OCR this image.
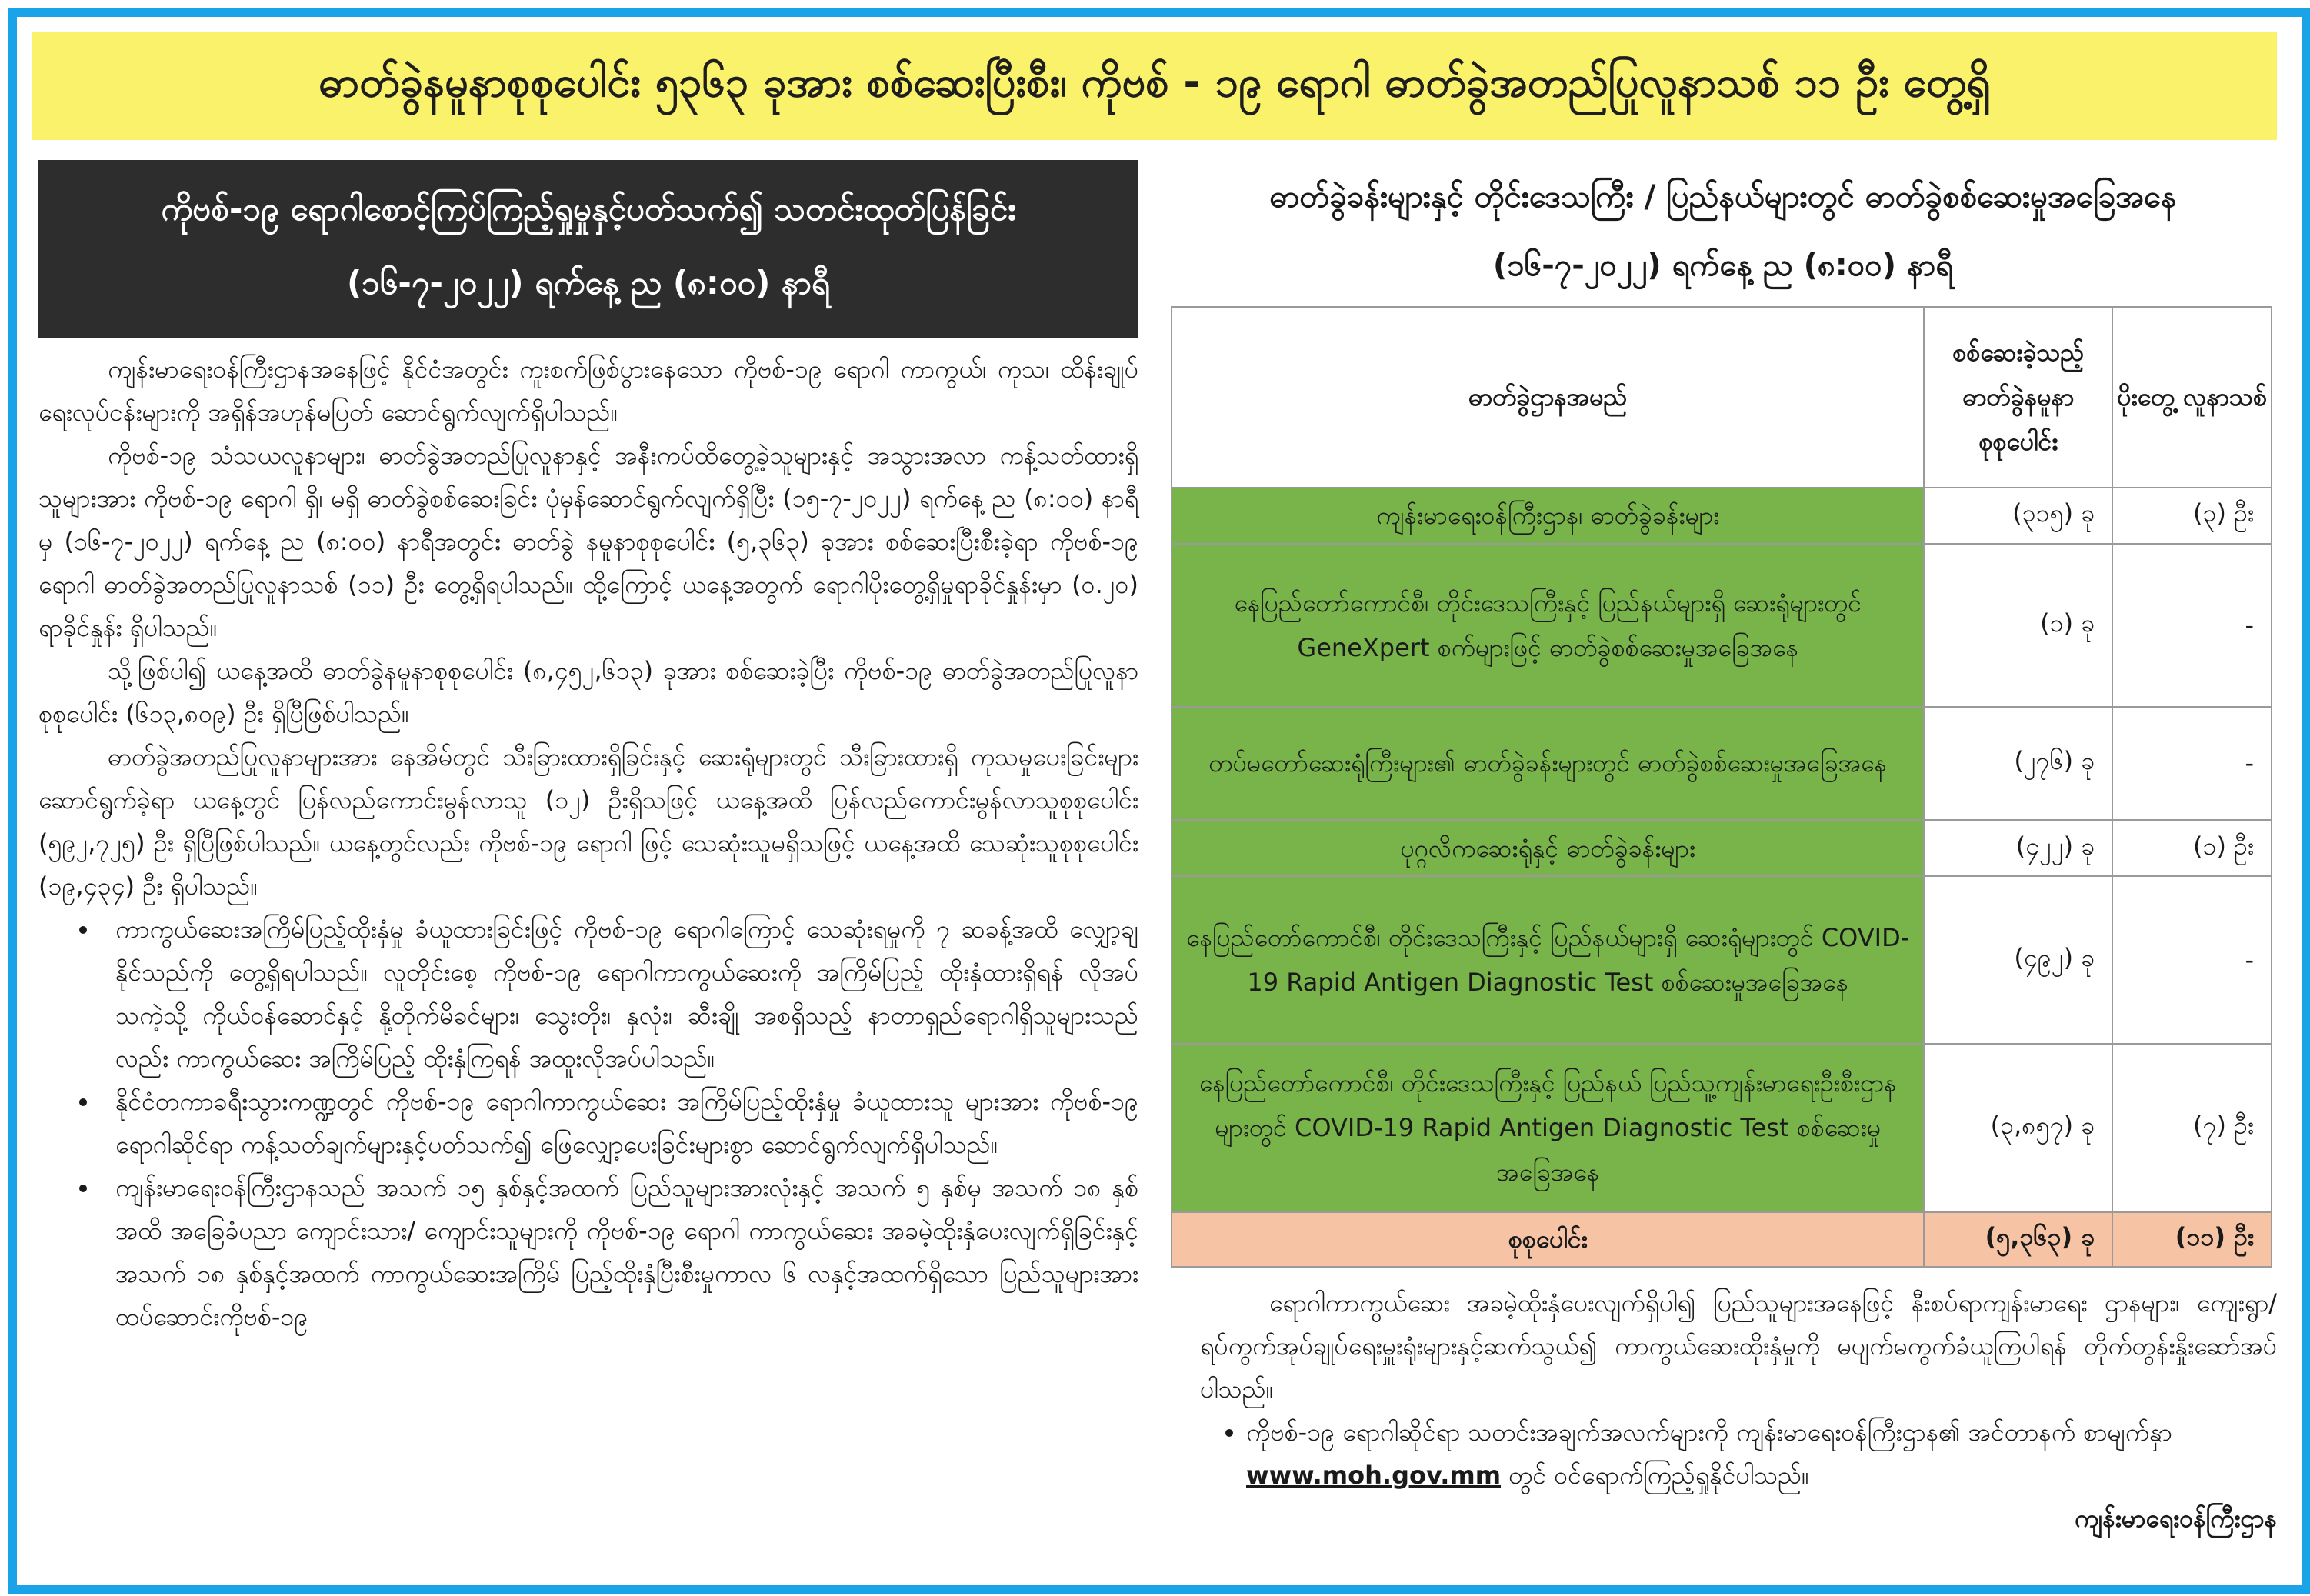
ဓာတ်ခွဲနမူနာစုစုပေါင်း ၅၃၆၃ ခုအား စစ်ဆေးပြီးစီး၊ ကိုဗစ် - ၁၉ ရောဂါ ဓာတ်ခွဲအတည်ပြုလူနာသစ် ၁၁ ဦး တွေ့ရှိ
ကိုဗစ်-၁၉ ရောဂါစောင့်ကြပ်ကြည့်ရှုမှုနှင့်ပတ်သက်၍ သတင်းထုတ်ပြန်ခြင်း
(၁၆-၇-၂၀၂၂) ရက်နေ့ ည (၈:၀၀) နာရီ

ကျန်းမာရေးဝန်ကြီးဌာနအနေဖြင့် နိုင်ငံအတွင်း ကူးစက်ဖြစ်ပွားနေသော ကိုဗစ်-၁၉ ရောဂါ ကာကွယ်၊ ကုသ၊ ထိန်းချုပ်ရေးလုပ်ငန်းများကို အရှိန်အဟုန်မပြတ် ဆောင်ရွက်လျက်ရှိပါသည်။

ကိုဗစ်-၁၉ သံသယလူနာများ၊ ဓာတ်ခွဲအတည်ပြုလူနာနှင့် အနီးကပ်ထိတွေ့ခဲ့သူများနှင့် အသွားအလာ ကန့်သတ်ထားရှိသူများအား ကိုဗစ်-၁၉ ရောဂါ ရှိ၊ မရှိ ဓာတ်ခွဲစစ်ဆေးခြင်း ပုံမှန်ဆောင်ရွက်လျက်ရှိပြီး (၁၅-၇-၂၀၂၂) ရက်နေ့ ည (၈:၀၀) နာရီမှ (၁၆-၇-၂၀၂၂) ရက်နေ့ ည (၈:၀၀) နာရီအတွင်း ဓာတ်ခွဲ နမူနာစုစုပေါင်း (၅,၃၆၃) ခုအား စစ်ဆေးပြီးစီးခဲ့ရာ ကိုဗစ်-၁၉ ရောဂါ ဓာတ်ခွဲအတည်ပြုလူနာသစ် (၁၁) ဦး တွေ့ရှိရပါသည်။ ထို့ကြောင့် ယနေ့အတွက် ရောဂါပိုးတွေ့ရှိမှုရာခိုင်နှုန်းမှာ (၀.၂၀) ရာခိုင်နှုန်း ရှိပါသည်။

သို့ဖြစ်ပါ၍ ယနေ့အထိ ဓာတ်ခွဲနမူနာစုစုပေါင်း (၈,၄၅၂,၆၁၃) ခုအား စစ်ဆေးခဲ့ပြီး ကိုဗစ်-၁၉ ဓာတ်ခွဲအတည်ပြုလူနာစုစုပေါင်း (၆၁၃,၈၀၉) ဦး ရှိပြီဖြစ်ပါသည်။

ဓာတ်ခွဲအတည်ပြုလူနာများအား နေအိမ်တွင် သီးခြားထားရှိခြင်းနှင့် ဆေးရုံများတွင် သီးခြားထားရှိ ကုသမှုပေးခြင်းများဆောင်ရွက်ခဲ့ရာ ယနေ့တွင် ပြန်လည်ကောင်းမွန်လာသူ (၁၂) ဦးရှိသဖြင့် ယနေ့အထိ ပြန်လည်ကောင်းမွန်လာသူစုစုပေါင်း (၅၉၂,၇၂၅) ဦး ရှိပြီဖြစ်ပါသည်။ ယနေ့တွင်လည်း ကိုဗစ်-၁၉ ရောဂါ ဖြင့် သေဆုံးသူမရှိသဖြင့် ယနေ့အထိ သေဆုံးသူစုစုပေါင်း (၁၉,၄၃၄) ဦး ရှိပါသည်။

• ကာကွယ်ဆေးအကြိမ်ပြည့်ထိုးနှံမှု ခံယူထားခြင်းဖြင့် ကိုဗစ်-၁၉ ရောဂါကြောင့် သေဆုံးရမှုကို ၇ ဆခန့်အထိ လျှော့ချနိုင်သည်ကို တွေ့ရှိရပါသည်။ လူတိုင်းစေ့ ကိုဗစ်-၁၉ ရောဂါကာကွယ်ဆေးကို အကြိမ်ပြည့် ထိုးနှံထားရှိရန် လိုအပ်သကဲ့သို့ ကိုယ်ဝန်ဆောင်နှင့် နို့တိုက်မိခင်များ၊ သွေးတိုး၊ နှလုံး၊ ဆီးချို အစရှိသည့် နာတာရှည်ရောဂါရှိသူများသည်လည်း ကာကွယ်ဆေး အကြိမ်ပြည့် ထိုးနှံကြရန် အထူးလိုအပ်ပါသည်။
• နိုင်ငံတကာခရီးသွားကဏ္ဍတွင် ကိုဗစ်-၁၉ ရောဂါကာကွယ်ဆေး အကြိမ်ပြည့်ထိုးနှံမှု ခံယူထားသူ များအား ကိုဗစ်-၁၉ ရောဂါဆိုင်ရာ ကန့်သတ်ချက်များနှင့်ပတ်သက်၍ ဖြေလျှော့ပေးခြင်းများစွာ ဆောင်ရွက်လျက်ရှိပါသည်။
• ကျန်းမာရေးဝန်ကြီးဌာနသည် အသက် ၁၅ နှစ်နှင့်အထက် ပြည်သူများအားလုံးနှင့် အသက် ၅ နှစ်မှ အသက် ၁၈ နှစ်အထိ အခြေခံပညာ ကျောင်းသား/ ကျောင်းသူများကို ကိုဗစ်-၁၉ ရောဂါ ကာကွယ်ဆေး အခမဲ့ထိုးနှံပေးလျက်ရှိခြင်းနှင့် အသက် ၁၈ နှစ်နှင့်အထက် ကာကွယ်ဆေးအကြိမ် ပြည့်ထိုးနှံပြီးစီးမှုကာလ ၆ လနှင့်အထက်ရှိသော ပြည်သူများအား ထပ်ဆောင်းကိုဗစ်-၁၉
ဓာတ်ခွဲခန်းများနှင့် တိုင်းဒေသကြီး / ပြည်နယ်များတွင် ဓာတ်ခွဲစစ်ဆေးမှုအခြေအနေ
(၁၆-၇-၂၀၂၂) ရက်နေ့ ည (၈:၀၀) နာရီ
ဓာတ်ခွဲဌာနအမည်	စစ်ဆေးခဲ့သည့် ဓာတ်ခွဲနမူနာ စုစုပေါင်း	ပိုးတွေ့ လူနာသစ်
ကျန်းမာရေးဝန်ကြီးဌာန၊ ဓာတ်ခွဲခန်းများ	(၃၁၅) ခု	(၃) ဦး
နေပြည်တော်ကောင်စီ၊ တိုင်းဒေသကြီးနှင့် ပြည်နယ်များရှိ ဆေးရုံများတွင် GeneXpert စက်များဖြင့် ဓာတ်ခွဲစစ်ဆေးမှုအခြေအနေ	(၁) ခု	-
တပ်မတော်ဆေးရုံကြီးများ၏ ဓာတ်ခွဲခန်းများတွင် ဓာတ်ခွဲစစ်ဆေးမှုအခြေအနေ	(၂၇၆) ခု	-
ပုဂ္ဂလိကဆေးရုံနှင့် ဓာတ်ခွဲခန်းများ	(၄၂၂) ခု	(၁) ဦး
နေပြည်တော်ကောင်စီ၊ တိုင်းဒေသကြီးနှင့် ပြည်နယ်များရှိ ဆေးရုံများတွင် COVID-19 Rapid Antigen Diagnostic Test စစ်ဆေးမှုအခြေအနေ	(၄၉၂) ခု	-
နေပြည်တော်ကောင်စီ၊ တိုင်းဒေသကြီးနှင့် ပြည်နယ် ပြည်သူ့ကျန်းမာရေးဦးစီးဌာနများတွင် COVID-19 Rapid Antigen Diagnostic Test စစ်ဆေးမှုအခြေအနေ	(၃,၈၅၇) ခု	(၇) ဦး
စုစုပေါင်း	(၅,၃၆၃) ခု	(၁၁) ဦး

ရောဂါကာကွယ်ဆေး အခမဲ့ထိုးနှံပေးလျက်ရှိပါ၍ ပြည်သူများအနေဖြင့် နီးစပ်ရာကျန်းမာရေး ဌာနများ၊ ကျေးရွာ/ ရပ်ကွက်အုပ်ချုပ်ရေးမှူးရုံးများနှင့်ဆက်သွယ်၍ ကာကွယ်ဆေးထိုးနှံမှုကို မပျက်မကွက်ခံယူကြပါရန် တိုက်တွန်းနှိုးဆော်အပ်ပါသည်။

• ကိုဗစ်-၁၉ ရောဂါဆိုင်ရာ သတင်းအချက်အလက်များကို ကျန်းမာရေးဝန်ကြီးဌာန၏ အင်တာနက် စာမျက်နှာ www.moh.gov.mm တွင် ဝင်ရောက်ကြည့်ရှုနိုင်ပါသည်။
ကျန်းမာရေးဝန်ကြီးဌာန
